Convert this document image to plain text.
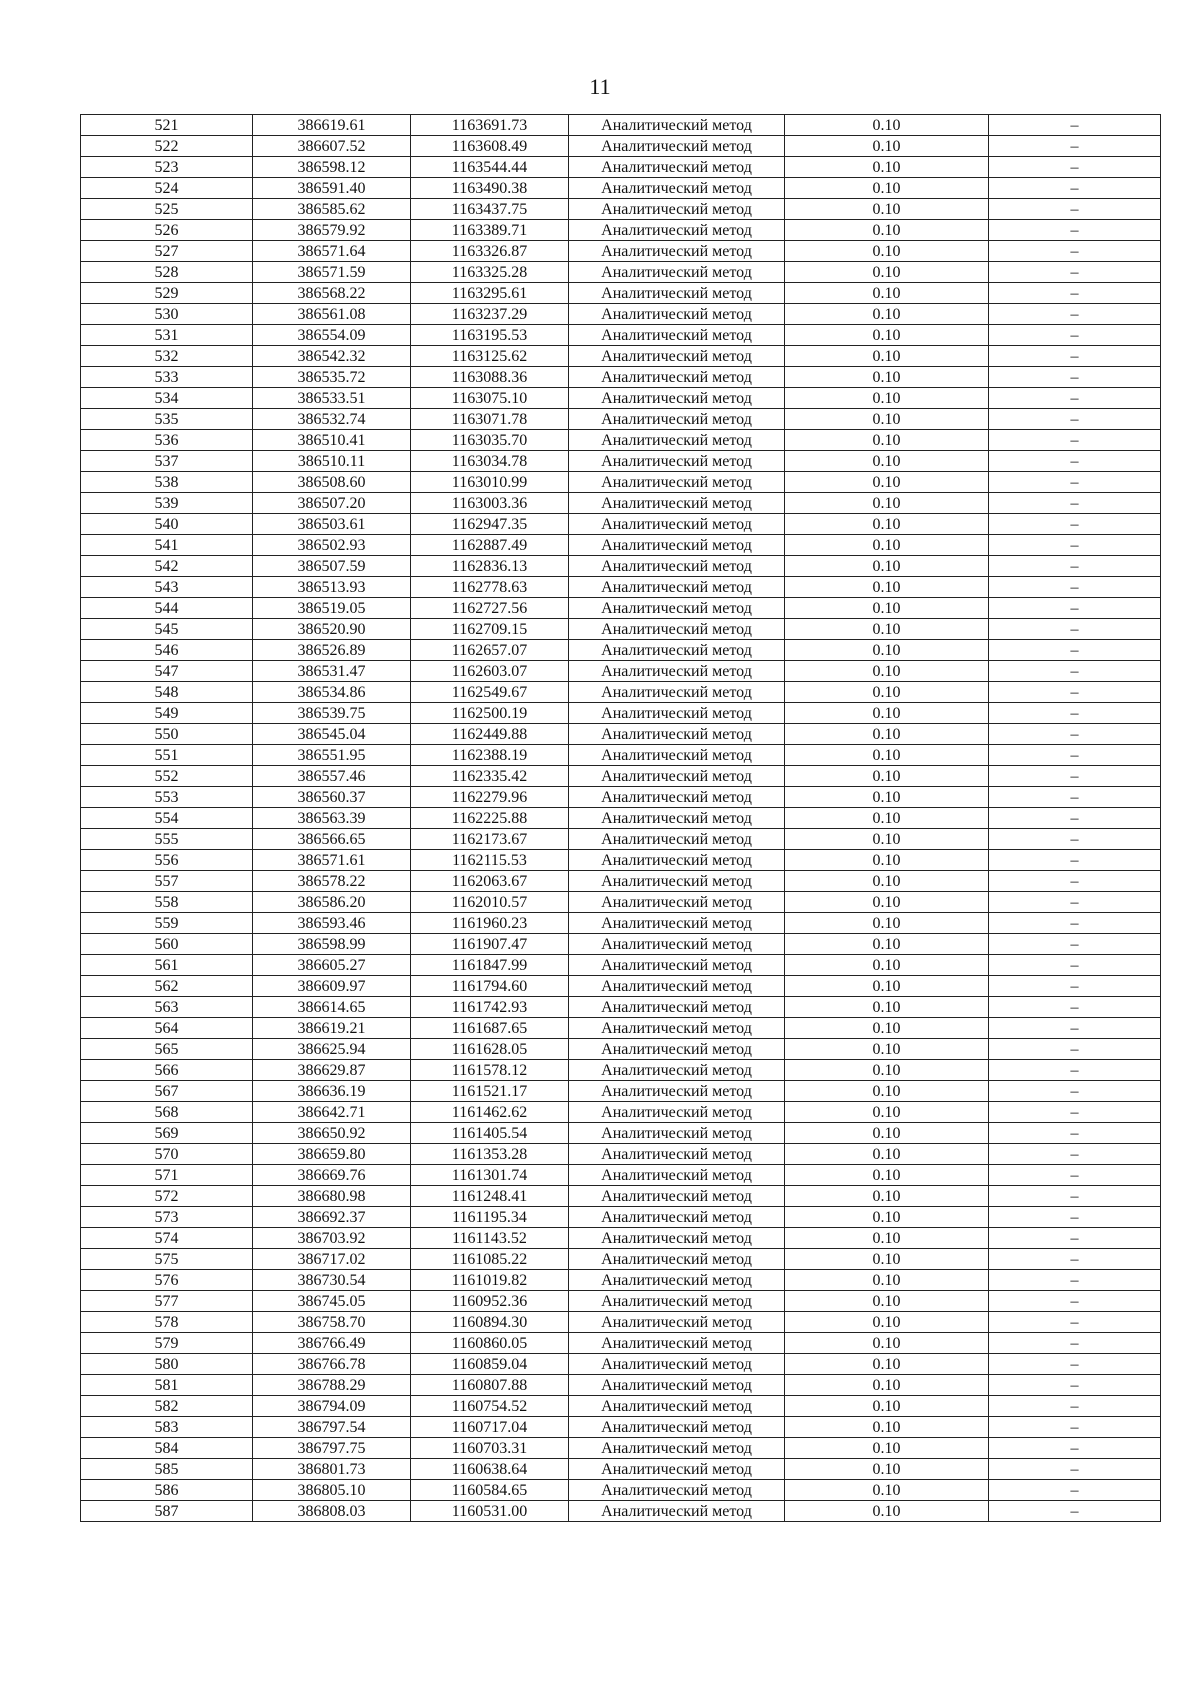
11
521	386619.61	1163691.73	Аналитический метод	0.10	–
522	386607.52	1163608.49	Аналитический метод	0.10	–
523	386598.12	1163544.44	Аналитический метод	0.10	–
524	386591.40	1163490.38	Аналитический метод	0.10	–
525	386585.62	1163437.75	Аналитический метод	0.10	–
526	386579.92	1163389.71	Аналитический метод	0.10	–
527	386571.64	1163326.87	Аналитический метод	0.10	–
528	386571.59	1163325.28	Аналитический метод	0.10	–
529	386568.22	1163295.61	Аналитический метод	0.10	–
530	386561.08	1163237.29	Аналитический метод	0.10	–
531	386554.09	1163195.53	Аналитический метод	0.10	–
532	386542.32	1163125.62	Аналитический метод	0.10	–
533	386535.72	1163088.36	Аналитический метод	0.10	–
534	386533.51	1163075.10	Аналитический метод	0.10	–
535	386532.74	1163071.78	Аналитический метод	0.10	–
536	386510.41	1163035.70	Аналитический метод	0.10	–
537	386510.11	1163034.78	Аналитический метод	0.10	–
538	386508.60	1163010.99	Аналитический метод	0.10	–
539	386507.20	1163003.36	Аналитический метод	0.10	–
540	386503.61	1162947.35	Аналитический метод	0.10	–
541	386502.93	1162887.49	Аналитический метод	0.10	–
542	386507.59	1162836.13	Аналитический метод	0.10	–
543	386513.93	1162778.63	Аналитический метод	0.10	–
544	386519.05	1162727.56	Аналитический метод	0.10	–
545	386520.90	1162709.15	Аналитический метод	0.10	–
546	386526.89	1162657.07	Аналитический метод	0.10	–
547	386531.47	1162603.07	Аналитический метод	0.10	–
548	386534.86	1162549.67	Аналитический метод	0.10	–
549	386539.75	1162500.19	Аналитический метод	0.10	–
550	386545.04	1162449.88	Аналитический метод	0.10	–
551	386551.95	1162388.19	Аналитический метод	0.10	–
552	386557.46	1162335.42	Аналитический метод	0.10	–
553	386560.37	1162279.96	Аналитический метод	0.10	–
554	386563.39	1162225.88	Аналитический метод	0.10	–
555	386566.65	1162173.67	Аналитический метод	0.10	–
556	386571.61	1162115.53	Аналитический метод	0.10	–
557	386578.22	1162063.67	Аналитический метод	0.10	–
558	386586.20	1162010.57	Аналитический метод	0.10	–
559	386593.46	1161960.23	Аналитический метод	0.10	–
560	386598.99	1161907.47	Аналитический метод	0.10	–
561	386605.27	1161847.99	Аналитический метод	0.10	–
562	386609.97	1161794.60	Аналитический метод	0.10	–
563	386614.65	1161742.93	Аналитический метод	0.10	–
564	386619.21	1161687.65	Аналитический метод	0.10	–
565	386625.94	1161628.05	Аналитический метод	0.10	–
566	386629.87	1161578.12	Аналитический метод	0.10	–
567	386636.19	1161521.17	Аналитический метод	0.10	–
568	386642.71	1161462.62	Аналитический метод	0.10	–
569	386650.92	1161405.54	Аналитический метод	0.10	–
570	386659.80	1161353.28	Аналитический метод	0.10	–
571	386669.76	1161301.74	Аналитический метод	0.10	–
572	386680.98	1161248.41	Аналитический метод	0.10	–
573	386692.37	1161195.34	Аналитический метод	0.10	–
574	386703.92	1161143.52	Аналитический метод	0.10	–
575	386717.02	1161085.22	Аналитический метод	0.10	–
576	386730.54	1161019.82	Аналитический метод	0.10	–
577	386745.05	1160952.36	Аналитический метод	0.10	–
578	386758.70	1160894.30	Аналитический метод	0.10	–
579	386766.49	1160860.05	Аналитический метод	0.10	–
580	386766.78	1160859.04	Аналитический метод	0.10	–
581	386788.29	1160807.88	Аналитический метод	0.10	–
582	386794.09	1160754.52	Аналитический метод	0.10	–
583	386797.54	1160717.04	Аналитический метод	0.10	–
584	386797.75	1160703.31	Аналитический метод	0.10	–
585	386801.73	1160638.64	Аналитический метод	0.10	–
586	386805.10	1160584.65	Аналитический метод	0.10	–
587	386808.03	1160531.00	Аналитический метод	0.10	–
